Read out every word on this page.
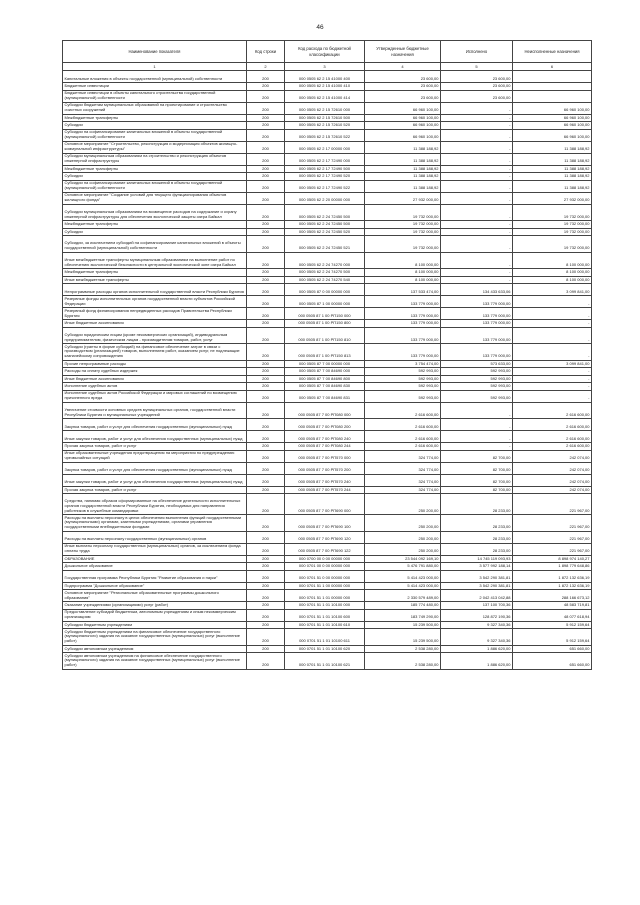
46
Наименование показателя	Код строки	Код расхода по бюджетной классификации	Утвержденные бюджетные назначения	Исполнено	Неисполненные назначения
1	2	3	4	5	6
Капитальные вложения в объекты государственной (муниципальной) собственности	200	000 0505 62 2 15 41000 400	23 600,00	23 600,00	
Бюджетные инвестиции	200	000 0505 62 2 15 41000 410	23 600,00	23 600,00	
Бюджетные инвестиции в объекты капитального строительства государственной (муниципальной) собственности	200	000 0505 62 2 15 41000 414	23 600,00	23 600,00	
Субсидии бюджетам муниципальных образований на проектирование и строительство очистных сооружений	200	000 0505 62 2 15 72610 000	66 960 100,00	-	66 960 100,00
Межбюджетные трансферты	200	000 0505 62 2 15 72610 500	66 960 100,00	-	66 960 100,00
Субсидии	200	000 0505 62 2 15 72610 520	66 960 100,00	-	66 960 100,00
Субсидии на софинансирование капитальных вложений в объекты государственной (муниципальной) собственности	200	000 0505 62 2 15 72610 522	66 960 100,00	-	66 960 100,00
Основное мероприятие "Строительство, реконструкция и модернизация объектов жилищно-коммунальной инфраструктуры"	200	000 0505 62 2 17 00000 000	11 388 188,92	-	11 388 188,92
Субсидии муниципальным образованиям на строительство и реконструкцию объектов инженерной инфраструктуры	200	000 0505 62 2 17 72490 000	11 388 188,92	-	11 388 188,92
Межбюджетные трансферты	200	000 0505 62 2 17 72490 500	11 388 188,92	-	11 388 188,92
Субсидии	200	000 0505 62 2 17 72490 520	11 388 188,92	-	11 388 188,92
Субсидии на софинансирование капитальных вложений в объекты государственной (муниципальной) собственности	200	000 0505 62 2 17 72490 522	11 388 188,92	-	11 388 188,92
Основное мероприятие "Создание условий для текущего функционирования объектов жилищного фонда"	200	000 0505 62 2 20 00000 000	27 932 000,00	-	27 932 000,00
Субсидии муниципальным образованиям на возмещение расходов на содержание и охрану инженерной инфраструктуры для обеспечения экологической защиты озера Байкал	200	000 0505 62 2 24 72450 500	19 732 000,00	-	19 732 000,00
Межбюджетные трансферты	200	000 0505 62 2 24 72450 500	19 732 000,00	-	19 732 000,00
Субсидии	200	000 0505 62 2 24 72450 520	19 732 000,00	-	19 732 000,00
Субсидии, за исключением субсидий на софинансирование капитальных вложений в объекты государственной (муниципальной) собственности	200	000 0505 62 2 24 72450 521	19 732 000,00	-	19 732 000,00
Иные межбюджетные трансферты муниципальным образованиям на выполнение работ по обеспечению экологической безопасности в центральной экологической зоне озера Байкал	200	000 0505 62 2 24 74270 000	8 100 000,00	-	8 100 000,00
Межбюджетные трансферты	200	000 0505 62 2 24 74270 500	8 100 000,00	-	8 100 000,00
Иные межбюджетные трансферты	200	000 0505 62 2 24 74270 540	8 100 000,00	-	8 100 000,00
Непрограммные расходы органов исполнительной государственной власти Республики Бурятия	200	000 0505 87 0 00 00000 000	137 533 474,00	134 433 633,06	3 099 841,00
Резервные фонды исполнительных органов государственной власти субъектов Российской Федерации	200	000 0505 87 1 00 00000 000	133 779 000,00	133 779 000,00	-
Резервный фонд финансирования непредвиденных расходов Правительства Республики Бурятия	200	000 0505 87 1 00 РП150 000	133 779 000,00	133 779 000,00	-
Иные бюджетные ассигнования	200	000 0505 87 1 00 РП150 800	133 779 000,00	133 779 000,00	-
Субсидии юридическим лицам (кроме некоммерческих организаций), индивидуальным предпринимателям, физическим лицам - производителям товаров, работ, услуг	200	000 0505 87 1 00 РП150 810	133 779 000,00	133 779 000,00	-
Субсидии (гранты в форме субсидий) на финансовое обеспечение затрат в связи с производством (реализацией) товаров, выполнением работ, оказанием услуг, не подлежащие казначейскому сопровождению	200	000 0505 87 1 00 РП150 813	133 779 000,00	133 779 000,00	-
Прочие непрограммные расходы	200	000 0505 87 7 00 00000 000	3 754 474,00	573 633,00	3 099 841,00
Расходы на оплату судебных издержек	200	000 0505 87 7 00 84690 000	592 993,00	592 993,00	-
Иные бюджетные ассигнования	200	000 0505 87 7 00 84690 800	592 993,00	592 993,00	-
Исполнение судебных актов	200	000 0505 87 7 00 84690 830	592 993,00	592 993,00	-
Исполнение судебных актов Российской Федерации и мировых соглашений по возмещению причиненного вреда	200	000 0505 87 7 00 84690 831	592 993,00	592 993,00	-
Увеличение стоимости основных средств муниципальных органов, государственной власти Республики Бурятия и муниципальных учреждений	200	000 0505 87 7 00 РП080 000	2 616 600,00	-	2 616 600,00
Закупка товаров, работ и услуг для обеспечения государственных (муниципальных) нужд	200	000 0505 87 7 00 РП080 200	2 616 600,00	-	2 616 600,00
Иные закупки товаров, работ и услуг для обеспечения государственных (муниципальных) нужд	200	000 0505 87 7 00 РП080 240	2 616 600,00	-	2 616 600,00
Прочая закупка товаров, работ и услуг	200	000 0505 87 7 00 РП080 244	2 616 600,00	-	2 616 600,00
Иные образовательные учреждения предотвращения на мероприятия по предупреждению чрезвычайных ситуаций	200	000 0505 87 7 00 РП570 000	324 774,00	82 700,00	242 074,00
Закупка товаров, работ и услуг для обеспечения государственных (муниципальных) нужд	200	000 0505 87 7 00 РП570 200	324 774,00	82 700,00	242 074,00
Иные закупки товаров, работ и услуг для обеспечения государственных (муниципальных) нужд	200	000 0505 87 7 00 РП570 240	324 774,00	82 700,00	242 074,00
Прочая закупка товаров, работ и услуг	200	000 0505 87 7 00 РП570 244	324 774,00	82 700,00	242 074,00
Средства, нанимая образом сформированные на обеспечение деятельности исполнительных органов государственной власти Республики Бурятия, необходимых для направления работников в служебные командировки	200	000 0505 87 7 00 РП690 000	250 200,00	28 233,00	221 967,00
Расходы на выплаты персоналу в целях обеспечения выполнения функций государственными (муниципальными) органами, казенными учреждениями, органами управления государственными внебюджетными фондами	200	000 0505 87 7 00 РП690 100	250 200,00	28 233,00	221 967,00
Расходы на выплаты персоналу государственных (муниципальных) органов	200	000 0505 87 7 00 РП690 120	250 200,00	28 233,00	221 967,00
Иные выплаты персоналу государственных (муниципальных) органов, за исключением фонда оплаты труда	200	000 0505 87 7 00 РП690 122	250 200,00	28 233,00	221 967,00
ОБРАЗОВАНИЕ	200	000 0700 00 0 00 00000 000	23 544 092 169,10	14 745 119 093,93	8 898 974 140,27
Дошкольное образование	200	000 0701 00 0 00 00000 000	5 476 791 880,00	3 577 992 188,14	1 898 779 648,86
Государственная программа Республики Бурятия "Развитие образования и науки"	200	000 0701 51 0 00 00000 000	5 414 423 000,00	3 542 290 381,81	1 872 132 636,19
Подпрограмма "Дошкольное образование"	200	000 0701 51 1 00 00000 000	5 414 423 000,00	3 542 290 381,81	1 872 132 636,19
Основное мероприятие "Региональные образовательные программы дошкольного образования"	200	000 0701 51 1 01 00000 000	2 330 579 489,00	2 042 413 042,88	288 166 673,12
Оказание учреждениями (организациями) услуг (работ)	200	000 0701 51 1 01 10100 000	185 774 480,00	137 100 700,36	48 583 719,81
Предоставление субсидий бюджетным, автономным учреждениям и иным некоммерческим организациям	200	000 0701 51 1 01 10100 600	183 749 290,00	128 872 190,36	48 077 618,94
Субсидии бюджетным учреждениям	200	000 0701 51 1 01 10100 610	15 239 500,00	9 327 340,36	5 912 159,64
Субсидии бюджетным учреждениям на финансовое обеспечение государственного (муниципального) задания на оказание государственных (муниципальных) услуг (выполнение работ)	200	000 0701 51 1 01 10100 611	15 239 500,00	9 327 340,36	5 912 159,64
Субсидии автономным учреждениям	200	000 0701 51 1 01 10100 620	2 538 280,00	1 886 620,00	651 660,00
Субсидии автономным учреждениям на финансовое обеспечение государственного (муниципального) задания на оказание государственных (муниципальных) услуг (выполнение работ)	200	000 0701 51 1 01 10100 621	2 538 280,00	1 886 620,00	651 660,00
